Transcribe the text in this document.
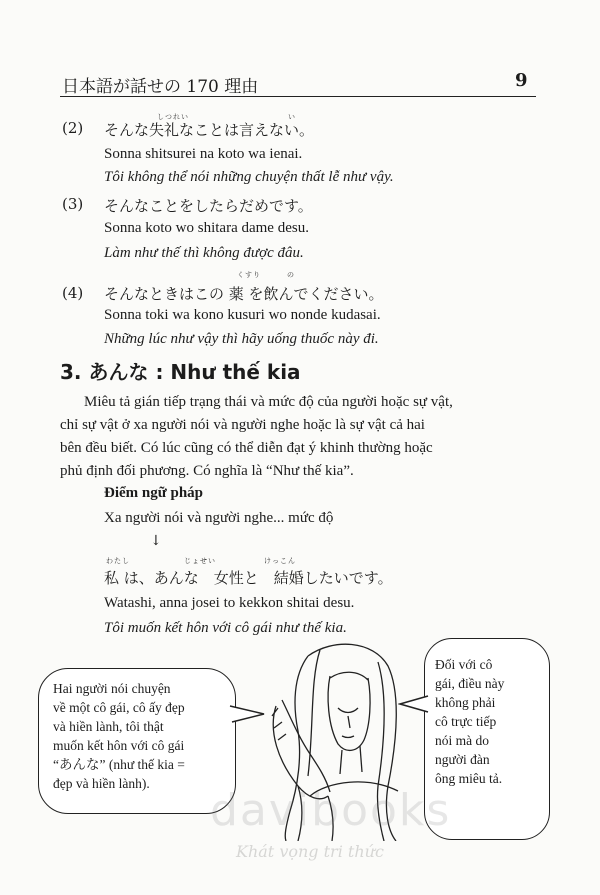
日本語が話せの 170 理由	9
(2)
しつれい	い
そんな失礼なことは言えない。
Sonna shitsurei na koto wa ienai.
Tôi không thể nói những chuyện thất lễ như vậy.
(3) そんなことをしたらだめです。
Sonna koto wo shitara dame desu.
Làm như thế thì không được đâu.
(4)
くすり	の
そんなときはこの 薬 を飲んでください。
Sonna toki wa kono kusuri wo nonde kudasai.
Những lúc như vậy thì hãy uống thuốc này đi.
3. あんな : Như thế kia
Miêu tả gián tiếp trạng thái và mức độ của người hoặc sự vật,
chỉ sự vật ở xa người nói và người nghe hoặc là sự vật cả hai
bên đều biết. Có lúc cũng có thể diễn đạt ý khinh thường hoặc
phủ định đối phương. Có nghĩa là “Như thế kia”.
Điểm ngữ pháp
Xa người nói và người nghe... mức độ
↓
わたし	じょせい	けっこん
私 は、あんな　女性と　結婚したいです。
Watashi, anna josei to kekkon shitai desu.
Tôi muốn kết hôn với cô gái như thế kia.
Hai người nói chuyện
về một cô gái, cô ấy đẹp
và hiền lành, tôi thật
muốn kết hôn với cô gái
“あんな” (như thế kia =
đẹp và hiền lành).
Đối với cô
gái, điều này
không phải
cô trực tiếp
nói mà do
người đàn
ông miêu tả.
davibooks
Khát vọng tri thức
